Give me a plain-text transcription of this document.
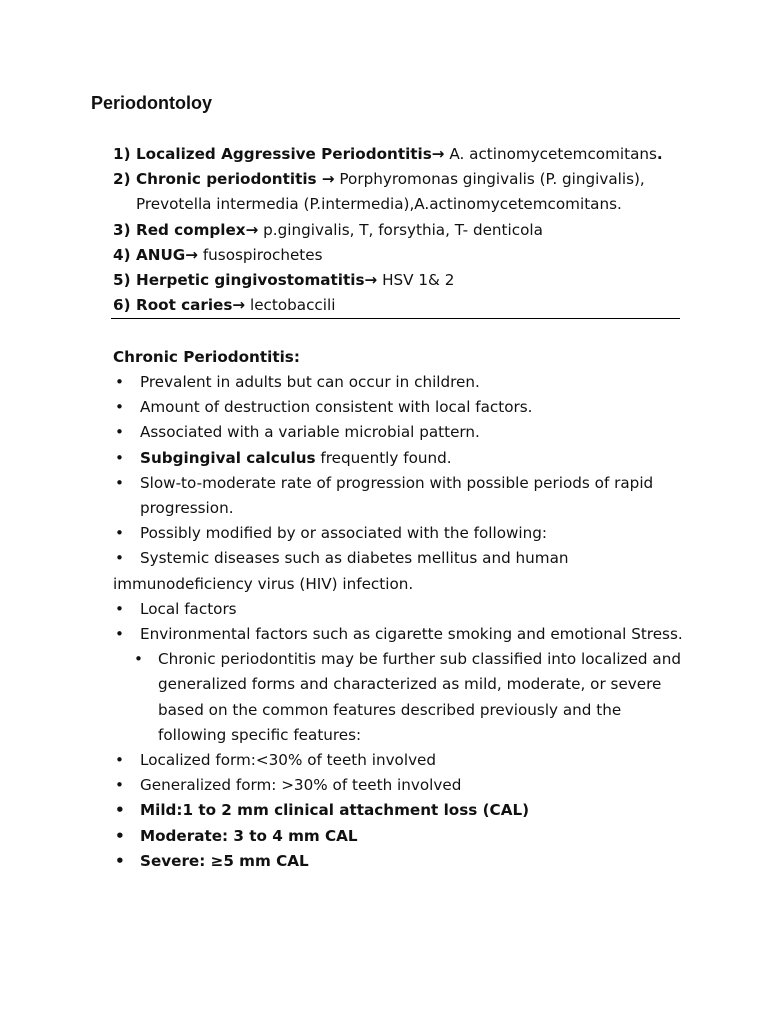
Periodontoloy
1) Localized Aggressive Periodontitis→ A. actinomycetemcomitans.
2) Chronic periodontitis → Porphyromonas gingivalis (P. gingivalis), Prevotella intermedia (P.intermedia),A.actinomycetemcomitans.
3) Red complex→ p.gingivalis, T, forsythia, T- denticola
4) ANUG→ fusospirochetes
5) Herpetic gingivostomatitis→ HSV 1& 2
6) Root caries→ lectobaccili
Chronic Periodontitis:
• Prevalent in adults but can occur in children.
• Amount of destruction consistent with local factors.
• Associated with a variable microbial pattern.
• Subgingival calculus frequently found.
• Slow-to-moderate rate of progression with possible periods of rapid progression.
• Possibly modified by or associated with the following:
• Systemic diseases such as diabetes mellitus and human immunodeficiency virus (HIV) infection.
• Local factors
• Environmental factors such as cigarette smoking and emotional Stress.
• Chronic periodontitis may be further sub classified into localized and generalized forms and characterized as mild, moderate, or severe based on the common features described previously and the following specific features:
• Localized form:<30% of teeth involved
• Generalized form: >30% of teeth involved
• Mild:1 to 2 mm clinical attachment loss (CAL)
• Moderate: 3 to 4 mm CAL
• Severe: ≥5 mm CAL
